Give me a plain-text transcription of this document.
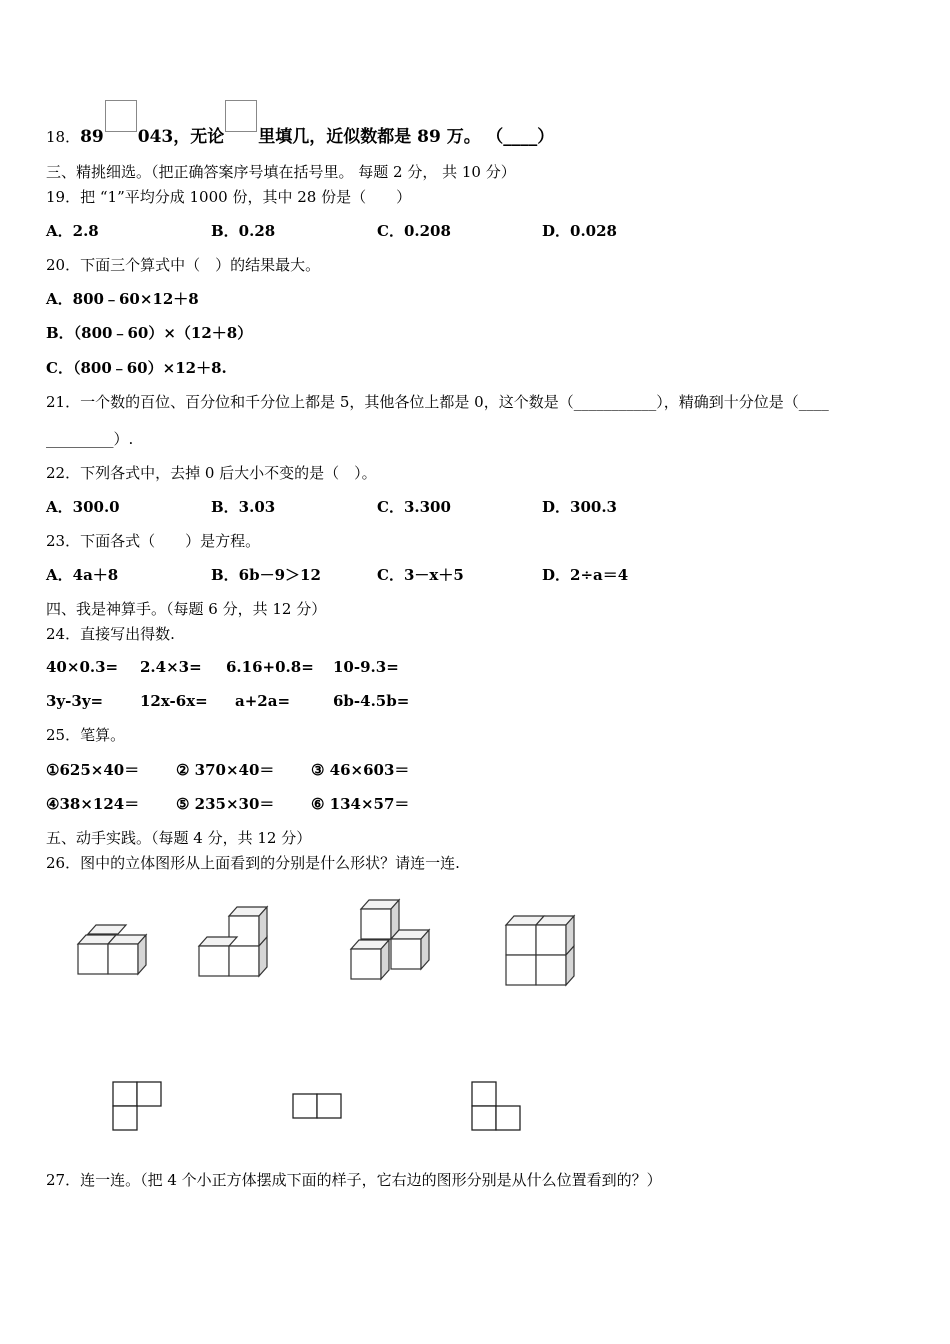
18．89 043，无论 里填几，近似数都是 89 万。 （____）
三、精挑细选。（把正确答案序号填在括号里。 每题 2 分， 共 10 分）
19．把 “1”平均分成 1000 份，其中 28 份是（　　）
A．2.8	B．0.28	C．0.208	D．0.028
20．下面三个算式中（　）的结果最大。
A．800﹣60×12＋8
B．（800﹣60）×（12＋8）
C．（800﹣60）×12＋8.
21．一个数的百位、百分位和千分位上都是 5，其他各位上都是 0，这个数是（___________），精确到十分位是（____
_________）.
22．下列各式中，去掉 0 后大小不变的是（　）。
A．300.0	B．3.03	C．3.300	D．300.3
23．下面各式（　　）是方程。
A．4a＋8	B．6b－9＞12	C．3－x＋5	D．2÷a＝4
四、我是神算手。（每题 6 分，共 12 分）
24．直接写出得数.
40×0.3= 2.4×3= 6.16+0.8= 10-9.3=
3y-3y= 12x-6x= a+2a=	6b-4.5b=
25．笔算。
①625×40＝ ② 370×40＝ ③ 46×603＝
④38×124＝ ⑤ 235×30＝ ⑥ 134×57＝
五、动手实践。（每题 4 分，共 12 分）
26．图中的立体图形从上面看到的分别是什么形状？请连一连.
27．连一连。（把 4 个小正方体摆成下面的样子，它右边的图形分别是从什么位置看到的？）
